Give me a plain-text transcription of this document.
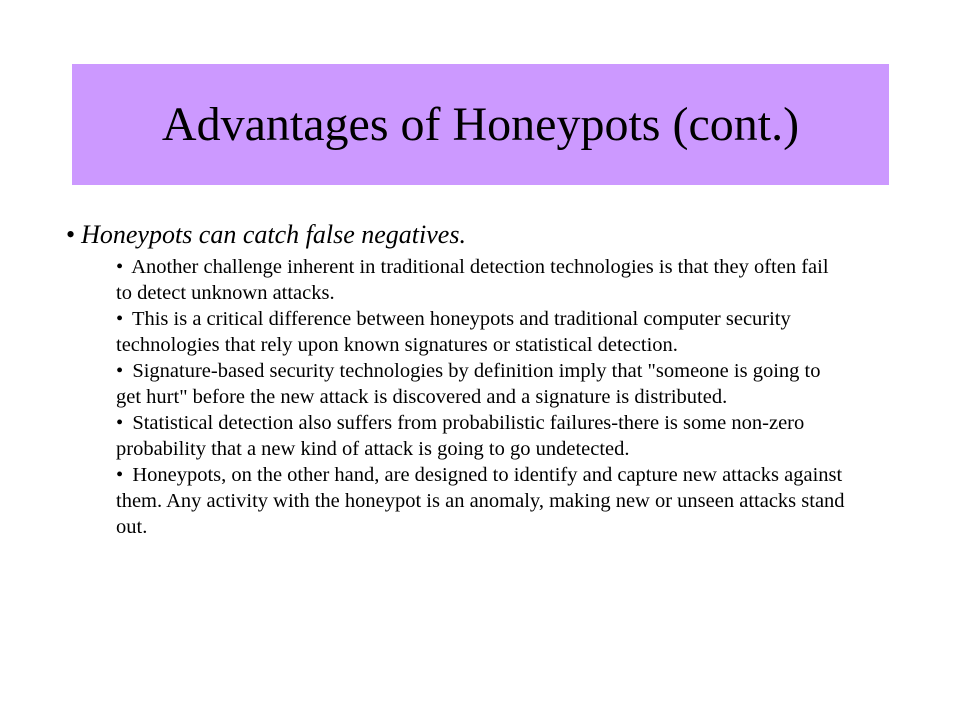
Advantages of Honeypots (cont.)
• Honeypots can catch false negatives.
• Another challenge inherent in traditional detection technologies is that they often fail to detect unknown attacks.
• This is a critical difference between honeypots and traditional computer security technologies that rely upon known signatures or statistical detection.
• Signature-based security technologies by definition imply that "someone is going to get hurt" before the new attack is discovered and a signature is distributed.
• Statistical detection also suffers from probabilistic failures-there is some non-zero probability that a new kind of attack is going to go undetected.
• Honeypots, on the other hand, are designed to identify and capture new attacks against them. Any activity with the honeypot is an anomaly, making new or unseen attacks stand out.
